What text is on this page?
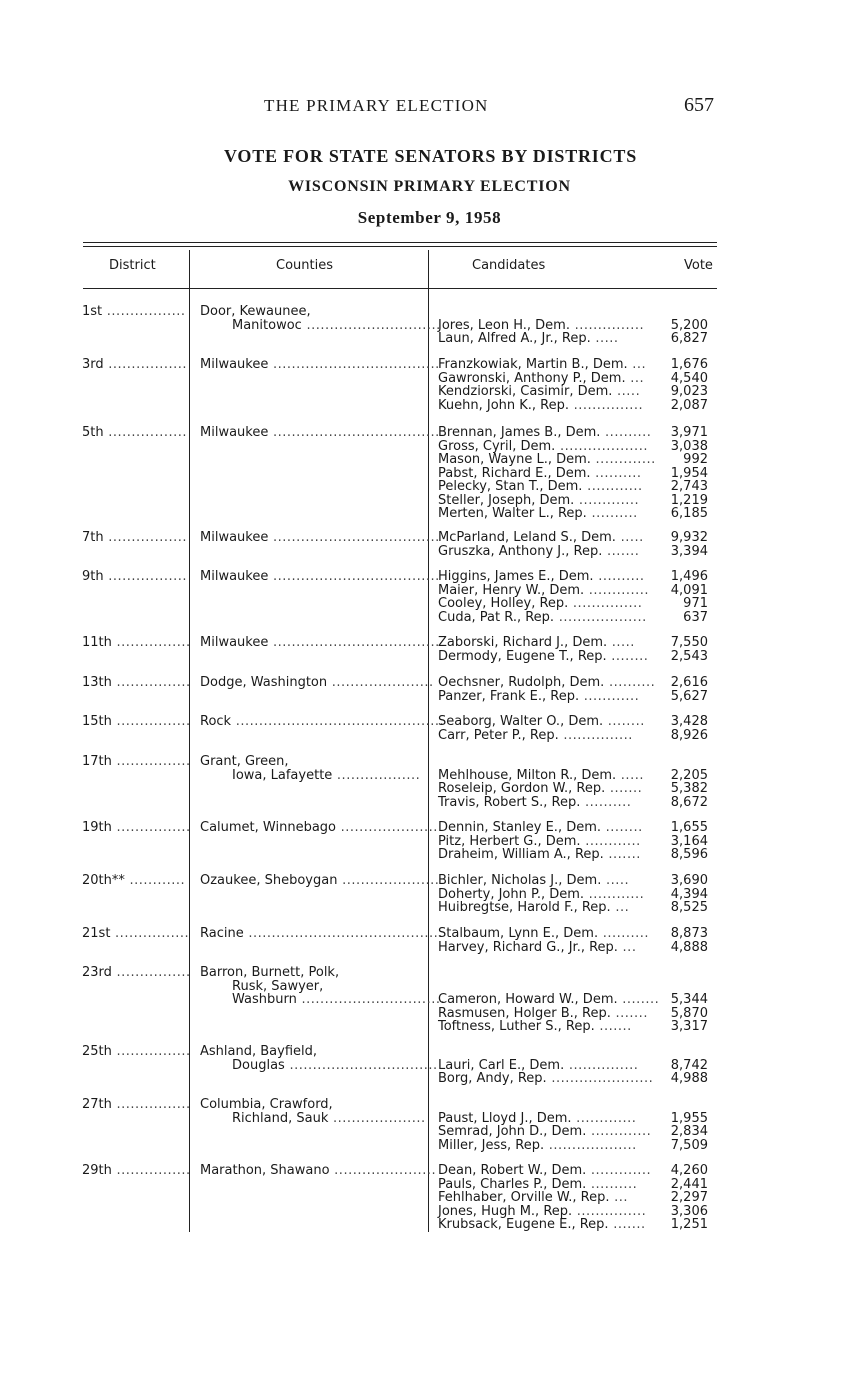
THE PRIMARY ELECTION	657
VOTE FOR STATE SENATORS BY DISTRICTS
WISCONSIN PRIMARY ELECTION
September 9, 1958
District	Counties	Candidates	Vote
1st ................. Door, Kewaunee,
Manitowoc .............................
Jores, Leon H., Dem. ...............	5,200
Laun, Alfred A., Jr., Rep. .....	6,827
3rd ................. Milwaukee ....................................
Franzkowiak, Martin B., Dem. ...	1,676
Gawronski, Anthony P., Dem. ...	4,540
Kendziorski, Casimir, Dem. .....	9,023
Kuehn, John K., Rep. ...............	2,087
5th ................. Milwaukee ....................................
Brennan, James B., Dem. ..........	3,971
Gross, Cyril, Dem. ...................	3,038
Mason, Wayne L., Dem. .............	992
Pabst, Richard E., Dem. ..........	1,954
Pelecky, Stan T., Dem. ............	2,743
Steller, Joseph, Dem. .............	1,219
Merten, Walter L., Rep. ..........	6,185
7th ................. Milwaukee ....................................
McParland, Leland S., Dem. .....	9,932
Gruszka, Anthony J., Rep. .......	3,394
9th ................. Milwaukee ....................................
Higgins, James E., Dem. ..........	1,496
Maier, Henry W., Dem. .............	4,091
Cooley, Holley, Rep. ...............	971
Cuda, Pat R., Rep. ...................	637
11th ................ Milwaukee ....................................
Zaborski, Richard J., Dem. .....	7,550
Dermody, Eugene T., Rep. ........	2,543
13th ................ Dodge, Washington ...................... Oechsner, Rudolph, Dem. ..........	2,616
Panzer, Frank E., Rep. ............	5,627
15th ................ Rock .............................................
Seaborg, Walter O., Dem. ........	3,428
Carr, Peter P., Rep. ...............	8,926
17th ................ Grant, Green,
Iowa, Lafayette .................. Mehlhouse, Milton R., Dem. .....	2,205
Roseleip, Gordon W., Rep. .......	5,382
Travis, Robert S., Rep. ..........	8,672
19th ................ Calumet, Winnebago ..................... Dennin, Stanley E., Dem. ........	1,655
Pitz, Herbert G., Dem. ............	3,164
Draheim, William A., Rep. .......	8,596
20th** ............ Ozaukee, Sheboygan .....................
Bichler, Nicholas J., Dem. .....	3,690
Doherty, John P., Dem. ............	4,394
Huibregtse, Harold F., Rep. ...	8,525
21st ................ Racine ..........................................
Stalbaum, Lynn E., Dem. ..........	8,873
Harvey, Richard G., Jr., Rep. ...	4,888
23rd ................ Barron, Burnett, Polk,
Rusk, Sawyer,
Washburn ...............................
Cameron, Howard W., Dem. ........ 5,344
Rasmusen, Holger B., Rep. .......	5,870
Toftness, Luther S., Rep. .......	3,317
25th ................ Ashland, Bayfield,
Douglas ................................ Lauri, Carl E., Dem. ...............	8,742
Borg, Andy, Rep. ......................	4,988
27th ................ Columbia, Crawford,
Richland, Sauk .................... Paust, Lloyd J., Dem. .............	1,955
Semrad, John D., Dem. .............	2,834
Miller, Jess, Rep. ...................	7,509
29th ................ Marathon, Shawano ...................... Dean, Robert W., Dem. .............	4,260
Pauls, Charles P., Dem. ..........	2,441
Fehlhaber, Orville W., Rep. ...	2,297
Jones, Hugh M., Rep. ...............	3,306
Krubsack, Eugene E., Rep. .......	1,251
